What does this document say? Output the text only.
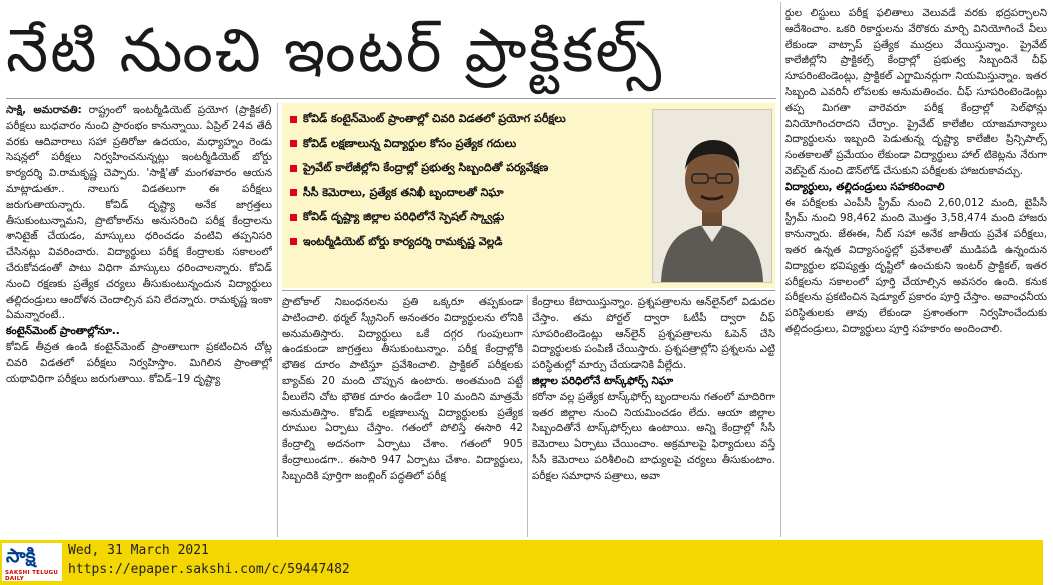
నేటి నుంచి ఇంటర్ ప్రాక్టికల్స్

సాక్షి, అమరావతి: రాష్ట్రంలో ఇంటర్మీడియెట్ ప్రయోగ (ప్రాక్టికల్) పరీక్షలు బుధవారం నుంచి ప్రారంభం కానున్నాయి. ఏప్రిల్ 24వ తేదీ వరకు ఆదివారాలు సహా ప్రతిరోజు ఉదయం, మధ్యాహ్నం రెండు సెషన్లలో పరీక్షలు నిర్వహించనున్నట్లు ఇంటర్మీడియెట్ బోర్డు కార్యదర్శి వి.రామకృష్ణ చెప్పారు. 'సాక్షి'తో మంగళవారం ఆయన మాట్లాడుతూ.. నాలుగు విడతలుగా ఈ పరీక్షలు జరుగుతాయన్నారు. కోవిడ్ దృష్ట్యా అనేక జాగ్రత్తలు తీసుకుంటున్నామని, ప్రొటోకాల్‌ను అనుసరించి పరీక్ష కేంద్రాలను శానిటైజ్ చేయడం, మాస్కులు ధరించడం వంటివి తప్పనిసరి చేసినట్లు వివరించారు. విద్యార్థులు పరీక్ష కేంద్రాలకు సకాలంలో చేరుకోవడంతో పాటు విధిగా మాస్కులు ధరించాలన్నారు. కోవిడ్ నుంచి రక్షణకు ప్రత్యేక చర్యలు తీసుకుంటున్నందున విద్యార్థులు తల్లిదండ్రులు ఆందోళన చెందాల్సిన పని లేదన్నారు. రామకృష్ణ ఇంకా ఏమన్నారంటే..

కంటైన్‌మెంట్ ప్రాంతాల్లోనూ..

కోవిడ్ తీవ్రత ఉండి కంటైన్‌మెంట్ ప్రాంతాలుగా ప్రకటించిన చోట్ల చివరి విడతలో పరీక్షలు నిర్వహిస్తాం. మిగిలిన ప్రాంతాల్లో యథావిధిగా పరీక్షలు జరుగుతాయి. కోవిడ్–19 దృష్ట్యా

కోవిడ్ కంటైన్‌మెంట్ ప్రాంతాల్లో చివరి విడతలో ప్రయోగ పరీక్షలు
కోవిడ్ లక్షణాలున్న విద్యార్థుల కోసం ప్రత్యేక గదులు
ప్రైవేట్ కాలేజీల్లోని కేంద్రాల్లో ప్రభుత్వ సిబ్బందితో పర్యవేక్షణ
సీసీ కెమెరాలు, ప్రత్యేక తనిఖీ బృందాలతో నిఘా
కోవిడ్ దృష్ట్యా జిల్లాల పరిధిలోనే స్పెషల్ స్క్వాడ్లు
ఇంటర్మీడియెట్ బోర్డు కార్యదర్శి రామకృష్ణ వెల్లడి

ప్రొటోకాల్ నిబంధనలను ప్రతి ఒక్కరూ తప్పకుండా పాటించాలి. థర్మల్ స్క్రీనింగ్ అనంతరం విద్యార్థులను లోనికి అనుమతిస్తారు. విద్యార్థులు ఒకే దగ్గర గుంపులుగా ఉండకుండా జాగ్రత్తలు తీసుకుంటున్నాం. పరీక్ష కేంద్రాల్లోకి భౌతిక దూరం పాటిస్తూ ప్రవేశించాలి. ప్రాక్టికల్ పరీక్షలకు బ్యాచ్‌కు 20 మంది చొప్పున ఉంటారు. అంతమంది పట్టే వీలులేని చోట భౌతిక దూరం ఉండేలా 10 మందిని మాత్రమే అనుమతిస్తాం. కోవిడ్ లక్షణాలున్న విద్యార్థులకు ప్రత్యేక రూముల ఏర్పాటు చేస్తాం. గతంలో పోలిస్తే ఈసారి 42 కేంద్రాల్ని అదనంగా ఏర్పాటు చేశాం. గతంలో 905 కేంద్రాలుండగా.. ఈసారి 947 ఏర్పాటు చేశాం. విద్యార్థులు, సిబ్బందికి పూర్తిగా జంబ్లింగ్ పద్ధతిలో పరీక్ష

కేంద్రాలు కేటాయిస్తున్నాం. ప్రశ్నపత్రాలను ఆన్‌లైన్‌లో విడుదల చేస్తాం. తమ పోర్టల్ ద్వారా ఓటీపీ ద్వారా చీఫ్ సూపరింటెండెంట్లు ఆన్‌లైన్ ప్రశ్నపత్రాలను ఓపెన్ చేసి విద్యార్థులకు పంపిణీ చేయిస్తారు. ప్రశ్నపత్రాల్లోని ప్రశ్నలను ఎట్టి పరిస్థితుల్లో మార్పు చేయడానికి వీల్లేదు.

జిల్లాల పరిధిలోనే టాస్క్‌ఫోర్స్ నిఘా

కరోనా వల్ల ప్రత్యేక టాస్క్‌ఫోర్స్ బృందాలను గతంలో మాదిరిగా ఇతర జిల్లాల నుంచి నియమించడం లేదు. ఆయా జిల్లాల సిబ్బందితోనే టాస్క్‌ఫోర్స్‌లు ఉంటాయి. అన్ని కేంద్రాల్లో సీసీ కెమెరాలు ఏర్పాటు చేయించాం. అక్రమాలపై ఫిర్యాదులు వస్తే సీసీ కెమెరాలు పరిశీలించి బాధ్యులపై చర్యలు తీసుకుంటాం. పరీక్షల సమాధాన పత్రాలు, అవా

ర్డుల లిస్టులు పరీక్ష ఫలితాలు వెలువడే వరకు భద్రపర్చాలని ఆదేశించాం. ఒకరి రికార్డులను వేరొకరు మార్చి వినియోగించే వీలు లేకుండా వాట్సాప్ ప్రత్యేక ముద్రలు వేయిస్తున్నాం. ప్రైవేట్ కాలేజీల్లోని ప్రాక్టికల్స్ కేంద్రాల్లో ప్రభుత్వ సిబ్బందినే చీఫ్ సూపరింటెండెంట్లు, ప్రాక్టికల్ ఎగ్జామినర్లుగా నియమిస్తున్నాం. ఇతర సిబ్బంది ఎవరినీ లోపలకు అనుమతించం. చీఫ్ సూపరింటెండెంట్లు తప్ప మిగతా వారెవరూ పరీక్ష కేంద్రాల్లో సెల్‌ఫోన్లు వినియోగించరాదని చేర్చాం. ప్రైవేట్ కాలేజీల యాజమాన్యాలు విద్యార్థులను ఇబ్బంది పెడుతున్న దృష్ట్యా కాలేజీల ప్రిన్సిపాల్స్ సంతకాలతో ప్రమేయం లేకుండా విద్యార్థులు హాల్ టికెట్లను నేరుగా వెబ్‌సైట్ నుంచి డౌన్‌లోడ్ చేసుకుని పరీక్షలకు హాజరుకావచ్చు.

విద్యార్థులు, తల్లిదండ్రులు సహకరించాలి

ఈ పరీక్షలకు ఎంపీసీ స్ట్రీమ్ నుంచి 2,60,012 మంది, బైపీసీ స్ట్రీమ్ నుంచి 98,462 మంది మొత్తం 3,58,474 మంది హాజరు కానున్నారు. జేఈఈ, నీట్ సహా అనేక జాతీయ ప్రవేశ పరీక్షలు, ఇతర ఉన్నత విద్యాసంస్థల్లో ప్రవేశాలతో ముడిపడి ఉన్నందున విద్యార్థుల భవిష్యత్తు దృష్టిలో ఉంచుకుని ఇంటర్ ప్రాక్టికల్, ఇతర పరీక్షలను సకాలంలో పూర్తి చేయాల్సిన అవసరం ఉంది. కనుక పరీక్షలను ప్రకటించిన షెడ్యూల్ ప్రకారం పూర్తి చేస్తాం. అవాంఛనీయ పరిస్థితులకు తావు లేకుండా ప్రశాంతంగా నిర్వహించేందుకు తల్లిదండ్రులు, విద్యార్థులు పూర్తి సహకారం అందించాలి.

సాక్షి
SAKSHI TELUGU DAILY
Wed, 31 March 2021
https://epaper.sakshi.com/c/59447482
